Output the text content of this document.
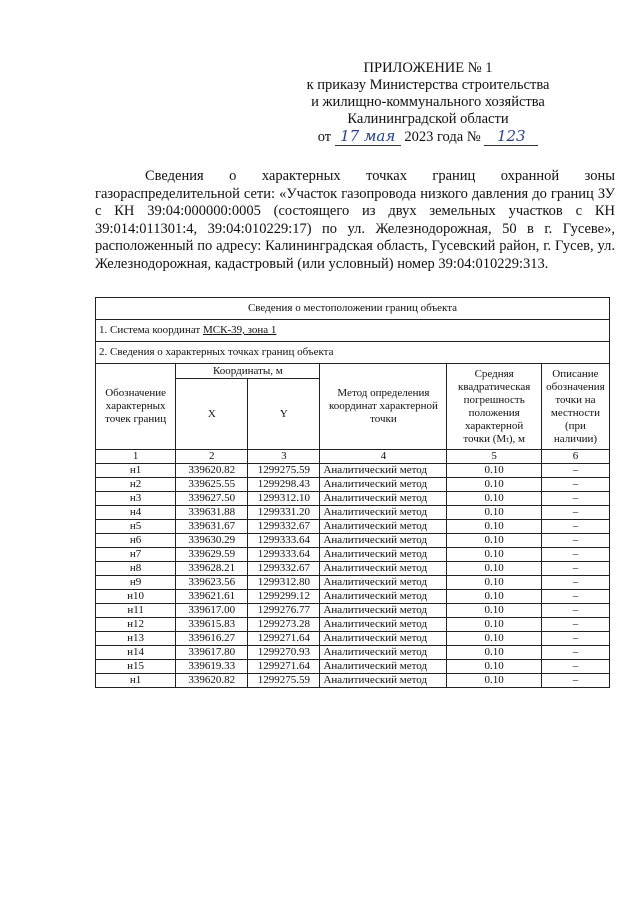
ПРИЛОЖЕНИЕ № 1
к приказу Министерства строительства
и жилищно-коммунального хозяйства
Калининградской области
от 17 мая 2023 года № 123
Сведения о характерных точках границ охранной зоны газораспределительной сети: «Участок газопровода низкого давления до границ ЗУ с КН 39:04:000000:0005 (состоящего из двух земельных участков с КН 39:014:011301:4, 39:04:010229:17) по ул. Железнодорожная, 50 в г. Гусеве», расположенный по адресу: Калининградская область, Гусевский район, г. Гусев, ул. Железнодорожная, кадастровый (или условный) номер 39:04:010229:313.
Сведения о местоположении границ объекта					
1. Система координат МСК-39, зона 1					
2. Сведения о характерных точках границ объекта					
Обозначение характерных точек границ	Координаты, м		Метод определения координат характерной точки	Средняя квадратическая погрешность положения характерной точки (Mₜ), м	Описание обозначения точки на местности (при наличии)
	X	Y			
1	2	3	4	5	6
н1	339620.82	1299275.59	Аналитический метод	0.10	–
н2	339625.55	1299298.43	Аналитический метод	0.10	–
н3	339627.50	1299312.10	Аналитический метод	0.10	–
н4	339631.88	1299331.20	Аналитический метод	0.10	–
н5	339631.67	1299332.67	Аналитический метод	0.10	–
н6	339630.29	1299333.64	Аналитический метод	0.10	–
н7	339629.59	1299333.64	Аналитический метод	0.10	–
н8	339628.21	1299332.67	Аналитический метод	0.10	–
н9	339623.56	1299312.80	Аналитический метод	0.10	–
н10	339621.61	1299299.12	Аналитический метод	0.10	–
н11	339617.00	1299276.77	Аналитический метод	0.10	–
н12	339615.83	1299273.28	Аналитический метод	0.10	–
н13	339616.27	1299271.64	Аналитический метод	0.10	–
н14	339617.80	1299270.93	Аналитический метод	0.10	–
н15	339619.33	1299271.64	Аналитический метод	0.10	–
н1	339620.82	1299275.59	Аналитический метод	0.10	–
